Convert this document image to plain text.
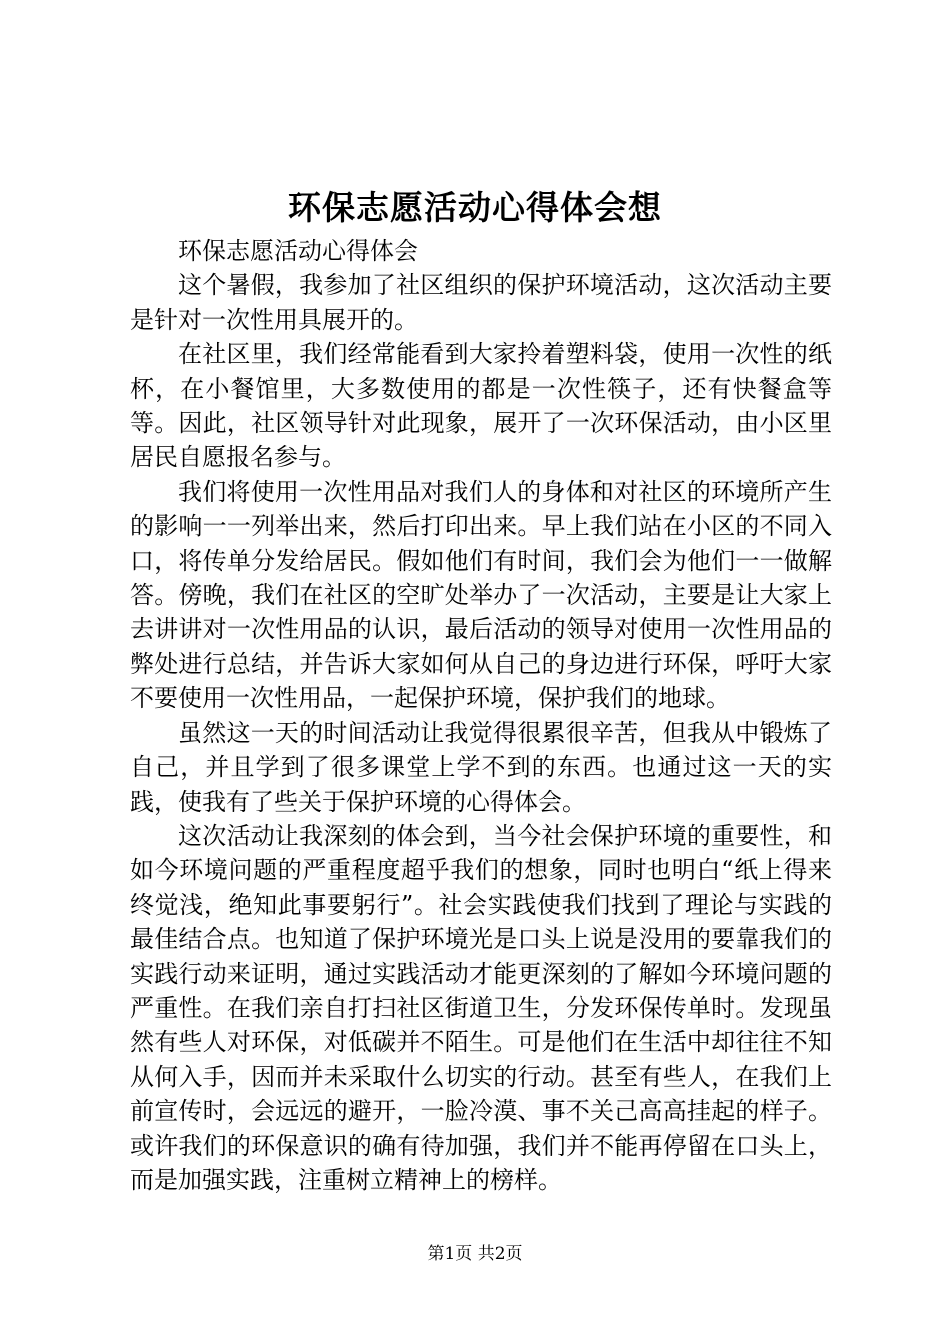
环保志愿活动心得体会想

环保志愿活动心得体会

这个暑假，我参加了社区组织的保护环境活动，这次活动主要是针对一次性用具展开的。

在社区里，我们经常能看到大家拎着塑料袋，使用一次性的纸杯，在小餐馆里，大多数使用的都是一次性筷子，还有快餐盒等等。因此，社区领导针对此现象，展开了一次环保活动，由小区里居民自愿报名参与。

我们将使用一次性用品对我们人的身体和对社区的环境所产生的影响一一列举出来，然后打印出来。早上我们站在小区的不同入口，将传单分发给居民。假如他们有时间，我们会为他们一一做解答。傍晚，我们在社区的空旷处举办了一次活动，主要是让大家上去讲讲对一次性用品的认识，最后活动的领导对使用一次性用品的弊处进行总结，并告诉大家如何从自己的身边进行环保，呼吁大家不要使用一次性用品，一起保护环境，保护我们的地球。

虽然这一天的时间活动让我觉得很累很辛苦，但我从中锻炼了自己，并且学到了很多课堂上学不到的东西。也通过这一天的实践，使我有了些关于保护环境的心得体会。

这次活动让我深刻的体会到，当今社会保护环境的重要性，和如今环境问题的严重程度超乎我们的想象，同时也明白“纸上得来终觉浅，绝知此事要躬行”。社会实践使我们找到了理论与实践的最佳结合点。也知道了保护环境光是口头上说是没用的要靠我们的实践行动来证明，通过实践活动才能更深刻的了解如今环境问题的严重性。在我们亲自打扫社区街道卫生，分发环保传单时。发现虽然有些人对环保，对低碳并不陌生。可是他们在生活中却往往不知从何入手，因而并未采取什么切实的行动。甚至有些人，在我们上前宣传时，会远远的避开，一脸冷漠、事不关己高高挂起的样子。或许我们的环保意识的确有待加强，我们并不能再停留在口头上，而是加强实践，注重树立精神上的榜样。

第1页 共2页
